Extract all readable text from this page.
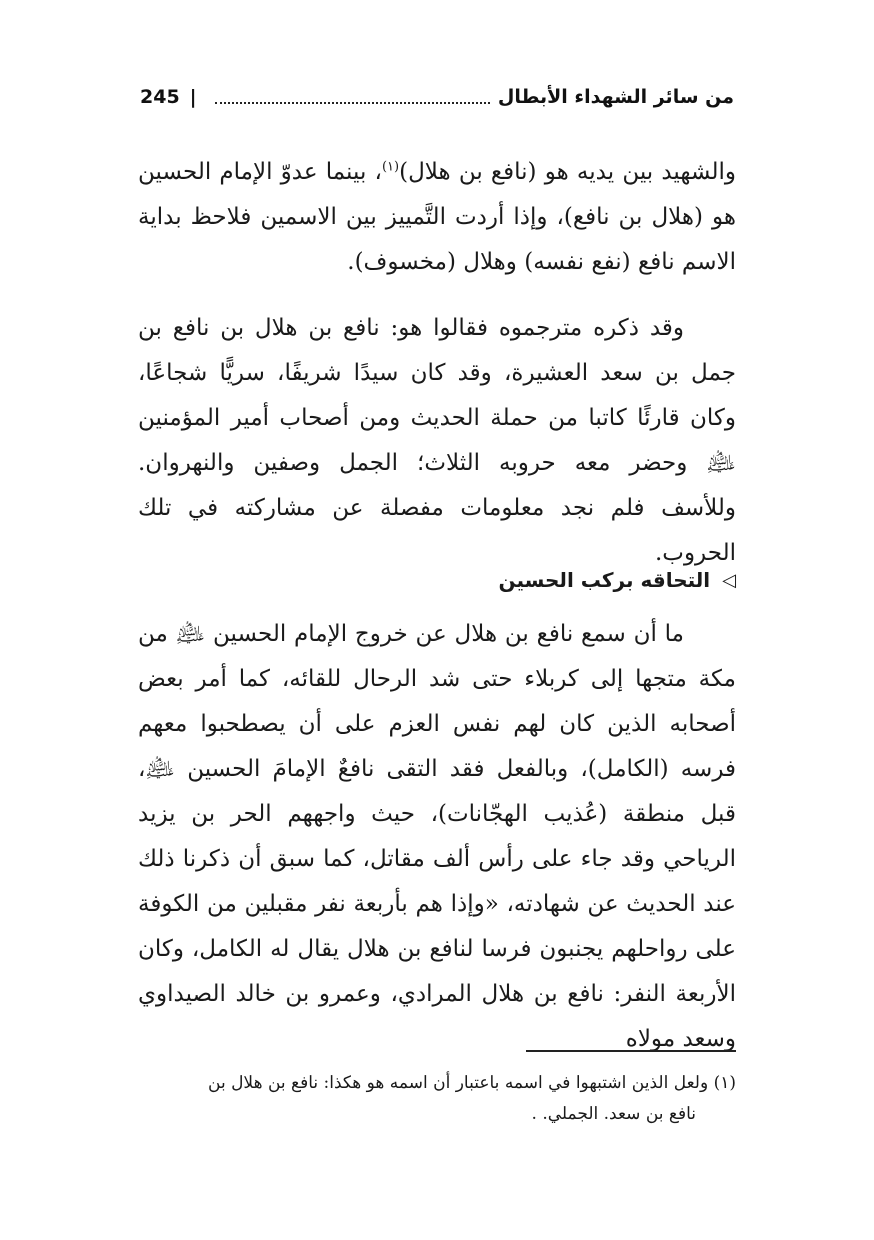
من سائر الشهداء الأبطال
|
245

والشهيد بين يديه هو (نافع بن هلال)$^{(١)}$، بينما عدوّ الإمام الحسين هو (هلال بن نافع)، وإذا أردت التَّمييز بين الاسمين فلاحظ بداية الاسم نافع (نفع نفسه) وهلال (مخسوف).

وقد ذكره مترجموه فقالوا هو: نافع بن هلال بن نافع بن جمل بن سعد العشيرة، وقد كان سيدًا شريفًا، سريًّا شجاعًا، وكان قارئًا كاتبا من حملة الحديث ومن أصحاب أمير المؤمنين ﵇ وحضر معه حروبه الثلاث؛ الجمل وصفين والنهروان. وللأسف فلم نجد معلومات مفصلة عن مشاركته في تلك الحروب.

◁
التحاقه بركب الحسين

ما أن سمع نافع بن هلال عن خروج الإمام الحسين ﵇ من مكة متجها إلى كربلاء حتى شد الرحال للقائه، كما أمر بعض أصحابه الذين كان لهم نفس العزم على أن يصطحبوا معهم فرسه (الكامل)، وبالفعل فقد التقى نافعٌ الإمامَ الحسين ﵇، قبل منطقة (عُذيب الهجّانات)، حيث واجههم الحر بن يزيد الرياحي وقد جاء على رأس ألف مقاتل، كما سبق أن ذكرنا ذلك عند الحديث عن شهادته، «وإذا هم بأربعة نفر مقبلين من الكوفة على رواحلهم يجنبون فرسا لنافع بن هلال يقال له الكامل، وكان الأربعة النفر: نافع بن هلال المرادي، وعمرو بن خالد الصيداوي وسعد مولاه

(١) ولعل الذين اشتبهوا في اسمه باعتبار أن اسمه هو هكذا: نافع بن هلال بن
نافع بن سعد. الجملي. .
